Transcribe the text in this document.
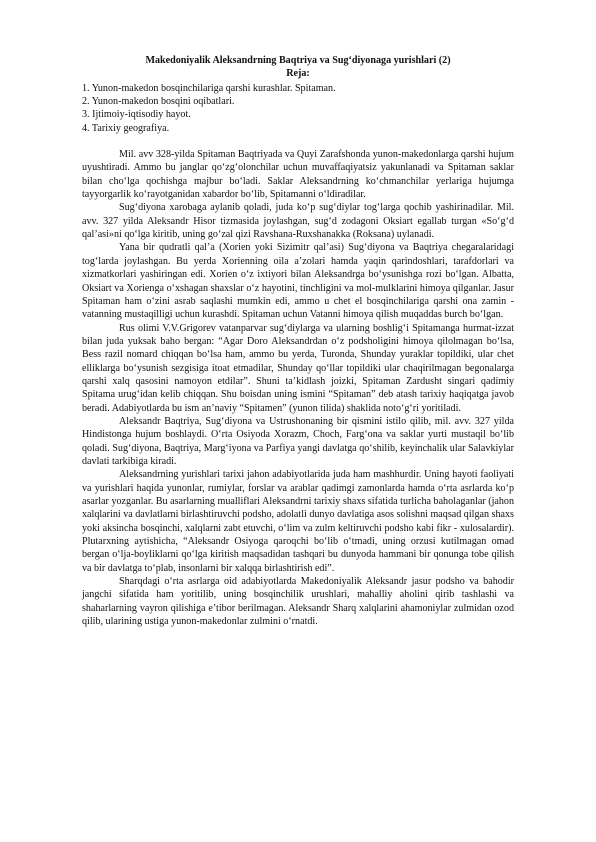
Makedoniyalik Aleksandrning Baqtriya va Sug‘diyonaga yurishlari (2)

Reja:

1. Yunon-makedon bosqinchilariga qarshi kurashlar. Spitaman.
2. Yunon-makedon bosqini oqibatlari.
3. Ijtimoiy-iqtisodiy hayot.
4. Tarixiy geografiya.

Mil. avv 328-yilda Spitaman Baqtriyada va Quyi Zarafshonda yunon-makedonlarga qarshi hujum uyushtiradi. Ammo bu janglar qo‘zg‘olonchilar uchun muvaffaqiyatsiz yakunlanadi va Spitaman saklar bilan cho‘lga qochishga majbur bo‘ladi. Saklar Aleksandrning ko‘chmanchilar yerlariga hujumga tayyorgarlik ko‘rayotganidan xabardor bo‘lib, Spitamanni o‘ldiradilar.

Sug‘diyona xarobaga aylanib qoladi, juda ko‘p sug‘diylar tog‘larga qochib yashirinadilar. Mil. avv. 327 yilda Aleksandr Hisor tizmasida joylashgan, sug‘d zodagoni Oksiart egallab turgan «So‘g‘d qal’asi»ni qo‘lga kiritib, uning go‘zal qizi Ravshana-Ruxshanakka (Roksana) uylanadi.

Yana bir qudratli qal’a (Xorien yoki Sizimitr qal’asi) Sug‘diyona va Baqtriya chegaralaridagi tog‘larda joylashgan. Bu yerda Xorienning oila a’zolari hamda yaqin qarindoshlari, tarafdorlari va xizmatkorlari yashiringan edi. Xorien o‘z ixtiyori bilan Aleksandrga bo‘ysunishga rozi bo‘lgan. Albatta, Oksiart va Xorienga o‘xshagan shaxslar o‘z hayotini, tinchligini va mol-mulklarini himoya qilganlar. Jasur Spitaman ham o‘zini asrab saqlashi mumkin edi, ammo u chet el bosqinchilariga qarshi ona zamin - vatanning mustaqilligi uchun kurashdi. Spitaman uchun Vatanni himoya qilish muqaddas burch bo‘lgan.

Rus olimi V.V.Grigorev vatanparvar sug‘diylarga va ularning boshlig‘i Spitamanga hurmat-izzat bilan juda yuksak baho bergan: “Agar Doro Aleksandrdan o‘z podsholigini himoya qilolmagan bo‘lsa, Bess razil nomard chiqqan bo‘lsa ham, ammo bu yerda, Turonda, Shunday yuraklar topildiki, ular chet elliklarga bo‘ysunish sezgisiga itoat etmadilar, Shunday qo‘llar topildiki ular chaqirilmagan begonalarga qarshi xalq qasosini namoyon etdilar”. Shuni ta’kidlash joizki, Spitaman Zardusht singari qadimiy Spitama urug‘idan kelib chiqqan. Shu boisdan uning ismini “Spitaman” deb atash tarixiy haqiqatga javob beradi. Adabiyotlarda bu ism an’naviy “Spitamen” (yunon tilida) shaklida noto‘g‘ri yoritiladi.

Aleksandr Baqtriya, Sug‘diyona va Ustrushonaning bir qismini istilo qilib, mil. avv. 327 yilda Hindistonga hujum boshlaydi. O‘rta Osiyoda Xorazm, Choch, Farg‘ona va saklar yurti mustaqil bo‘lib qoladi. Sug‘diyona, Baqtriya, Marg‘iyona va Parfiya yangi davlatga qo‘shilib, keyinchalik ular Salavkiylar davlati tarkibiga kiradi.

Aleksandrning yurishlari tarixi jahon adabiyotlarida juda ham mashhurdir. Uning hayoti faoliyati va yurishlari haqida yunonlar, rumiylar, forslar va arablar qadimgi zamonlarda hamda o‘rta asrlarda ko‘p asarlar yozganlar. Bu asarlarning mualliflari Aleksandrni tarixiy shaxs sifatida turlicha baholaganlar (jahon xalqlarini va davlatlarni birlashtiruvchi podsho, adolatli dunyo davlatiga asos solishni maqsad qilgan shaxs yoki aksincha bosqinchi, xalqlarni zabt etuvchi, o‘lim va zulm keltiruvchi podsho kabi fikr - xulosalardir). Plutarxning aytishicha, “Aleksandr Osiyoga qaroqchi bo‘lib o‘tmadi, uning orzusi kutilmagan omad bergan o‘lja-boyliklarni qo‘lga kiritish maqsadidan tashqari bu dunyoda hammani bir qonunga tobe qilish va bir davlatga to‘plab, insonlarni bir xalqqa birlashtirish edi”.

Sharqdagi o‘rta asrlarga oid adabiyotlarda Makedoniyalik Aleksandr jasur podsho va bahodir jangchi sifatida ham yoritilib, uning bosqinchilik urushlari, mahalliy aholini qirib tashlashi va shaharlarning vayron qilishiga e’tibor berilmagan. Aleksandr Sharq xalqlarini ahamoniylar zulmidan ozod qilib, ularining ustiga yunon-makedonlar zulmini o‘rnatdi.
